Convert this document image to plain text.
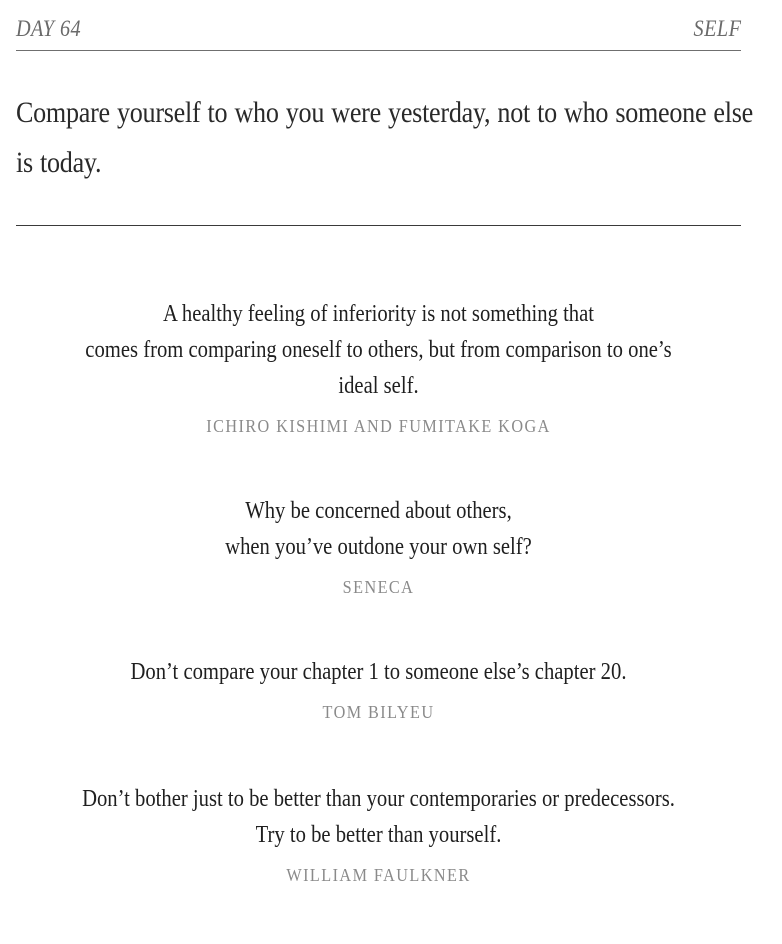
DAY 64	SELF
Compare yourself to who you were yesterday, not to who someone else
is today.
A healthy feeling of inferiority is not something that
comes from comparing oneself to others, but from comparison to one’s
ideal self.
ICHIRO KISHIMI AND FUMITAKE KOGA
Why be concerned about others,
when you’ve outdone your own self?
SENECA
Don’t compare your chapter 1 to someone else’s chapter 20.
TOM BILYEU
Don’t bother just to be better than your contemporaries or predecessors.
Try to be better than yourself.
WILLIAM FAULKNER
